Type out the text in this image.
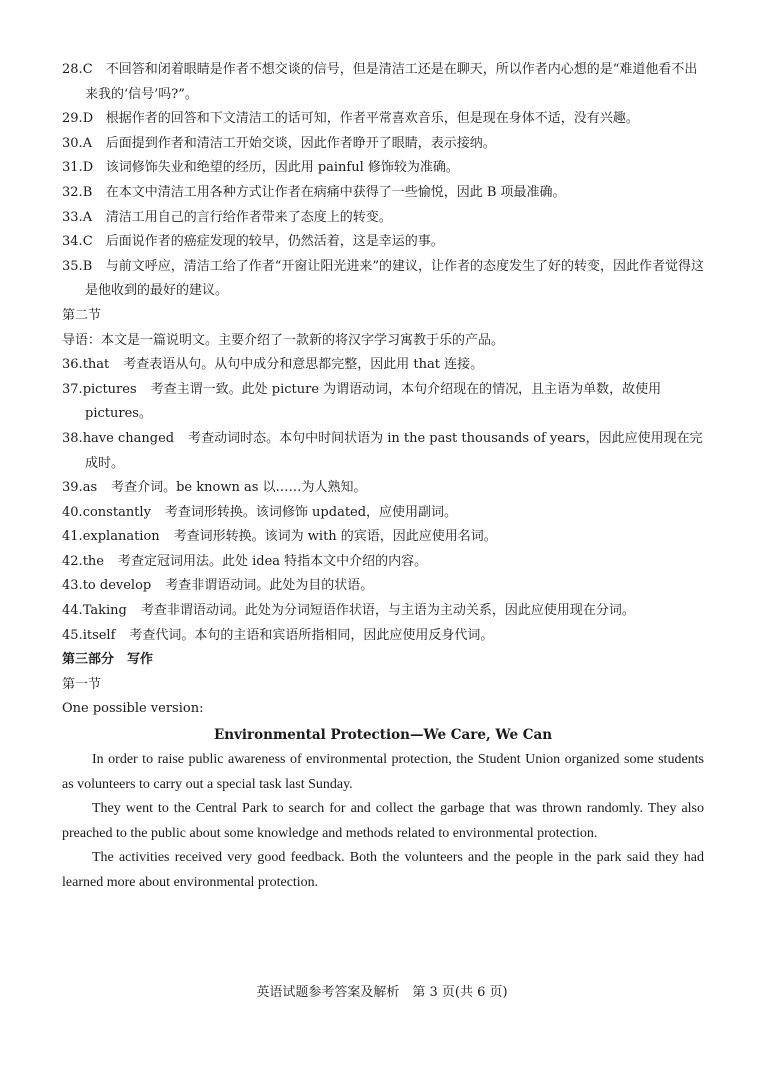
28.C 不回答和闭着眼睛是作者不想交谈的信号，但是清洁工还是在聊天，所以作者内心想的是“难道他看不出来我的‘信号’吗?”。
29.D 根据作者的回答和下文清洁工的话可知，作者平常喜欢音乐，但是现在身体不适，没有兴趣。
30.A 后面提到作者和清洁工开始交谈，因此作者睁开了眼睛，表示接纳。
31.D 该词修饰失业和绝望的经历，因此用 painful 修饰较为准确。
32.B 在本文中清洁工用各种方式让作者在病痛中获得了一些愉悦，因此 B 项最准确。
33.A 清洁工用自己的言行给作者带来了态度上的转变。
34.C 后面说作者的癌症发现的较早，仍然活着，这是幸运的事。
35.B 与前文呼应，清洁工给了作者“开窗让阳光进来”的建议，让作者的态度发生了好的转变，因此作者觉得这是他收到的最好的建议。
第二节
导语：本文是一篇说明文。主要介绍了一款新的将汉字学习寓教于乐的产品。
36.that 考查表语从句。从句中成分和意思都完整，因此用 that 连接。
37.pictures 考查主谓一致。此处 picture 为谓语动词，本句介绍现在的情况，且主语为单数，故使用 pictures。
38.have changed 考查动词时态。本句中时间状语为 in the past thousands of years，因此应使用现在完成时。
39.as 考查介词。be known as 以……为人熟知。
40.constantly 考查词形转换。该词修饰 updated，应使用副词。
41.explanation 考查词形转换。该词为 with 的宾语，因此应使用名词。
42.the 考查定冠词用法。此处 idea 特指本文中介绍的内容。
43.to develop 考查非谓语动词。此处为目的状语。
44.Taking 考查非谓语动词。此处为分词短语作状语，与主语为主动关系，因此应使用现在分词。
45.itself 考查代词。本句的主语和宾语所指相同，因此应使用反身代词。
第三部分　写作
第一节
One possible version:
Environmental Protection—We Care, We Can
In order to raise public awareness of environmental protection, the Student Union organized some students as volunteers to carry out a special task last Sunday.
They went to the Central Park to search for and collect the garbage that was thrown randomly. They also preached to the public about some knowledge and methods related to environmental protection.
The activities received very good feedback. Both the volunteers and the people in the park said they had learned more about environmental protection.
英语试题参考答案及解析　第 3 页(共 6 页)
